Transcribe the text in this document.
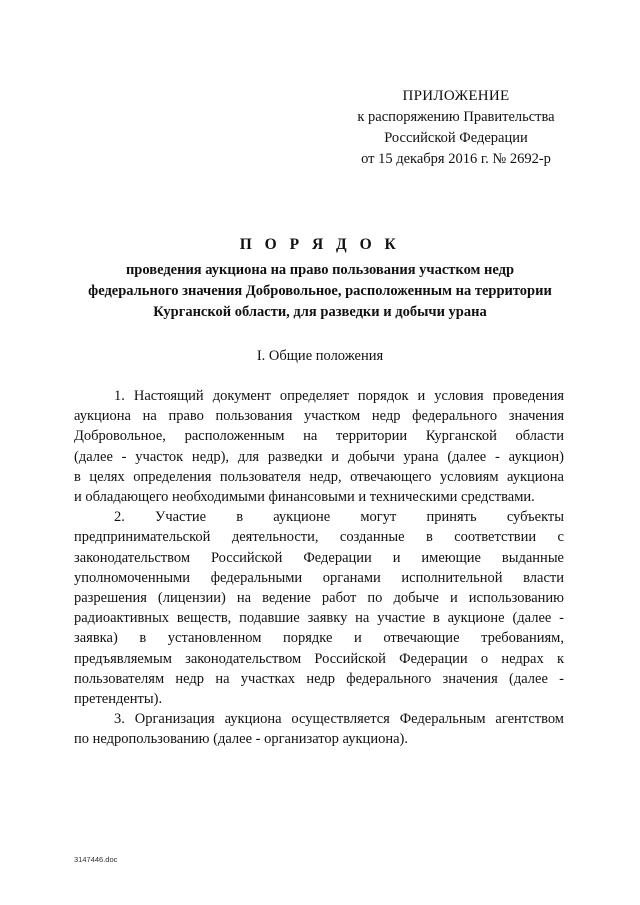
ПРИЛОЖЕНИЕ
к распоряжению Правительства
Российской Федерации
от 15 декабря 2016 г. № 2692-р
П О Р Я Д О К
проведения аукциона на право пользования участком недр
федерального значения Добровольное, расположенным на территории
Курганской области, для разведки и добычи урана
I. Общие положения

1. Настоящий документ определяет порядок и условия проведения
аукциона на право пользования участком недр федерального значения
Добровольное, расположенным на территории Курганской области
(далее - участок недр), для разведки и добычи урана (далее - аукцион)
в целях определения пользователя недр, отвечающего условиям аукциона
и обладающего необходимыми финансовыми и техническими средствами.

2. Участие в аукционе могут принять субъекты
предпринимательской деятельности, созданные в соответствии с
законодательством Российской Федерации и имеющие выданные
уполномоченными федеральными органами исполнительной власти
разрешения (лицензии) на ведение работ по добыче и использованию
радиоактивных веществ, подавшие заявку на участие в аукционе (далее -
заявка) в установленном порядке и отвечающие требованиям,
предъявляемым законодательством Российской Федерации о недрах к
пользователям недр на участках недр федерального значения (далее -
претенденты).

3. Организация аукциона осуществляется Федеральным агентством
по недропользованию (далее - организатор аукциона).

3147446.doc
